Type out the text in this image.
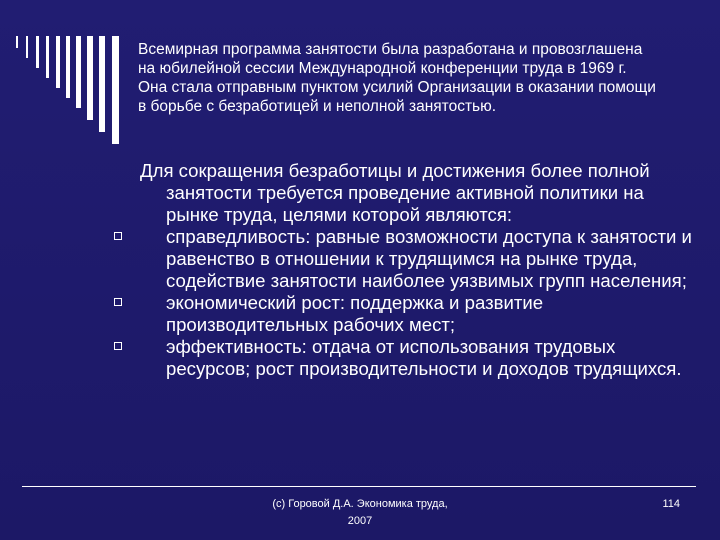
Всемирная программа занятости была разработана и провозглашена на юбилейной сессии Международной конференции труда в 1969 г. Она стала отправным пунктом усилий Организации в оказании помощи в борьбе с безработицей и неполной занятостью.

Для сокращения безработицы и достижения более полной занятости требуется проведение активной политики на рынке труда, целями которой являются:

справедливость: равные возможности доступа к занятости и равенство в отношении к трудящимся на рынке труда, содействие занятости наиболее уязвимых групп населения;
экономический рост: поддержка и развитие производительных рабочих мест;
эффективность: отдача от использования трудовых ресурсов; рост производительности и доходов трудящихся.
(с) Горовой Д.А. Экономика труда,
2007
114
